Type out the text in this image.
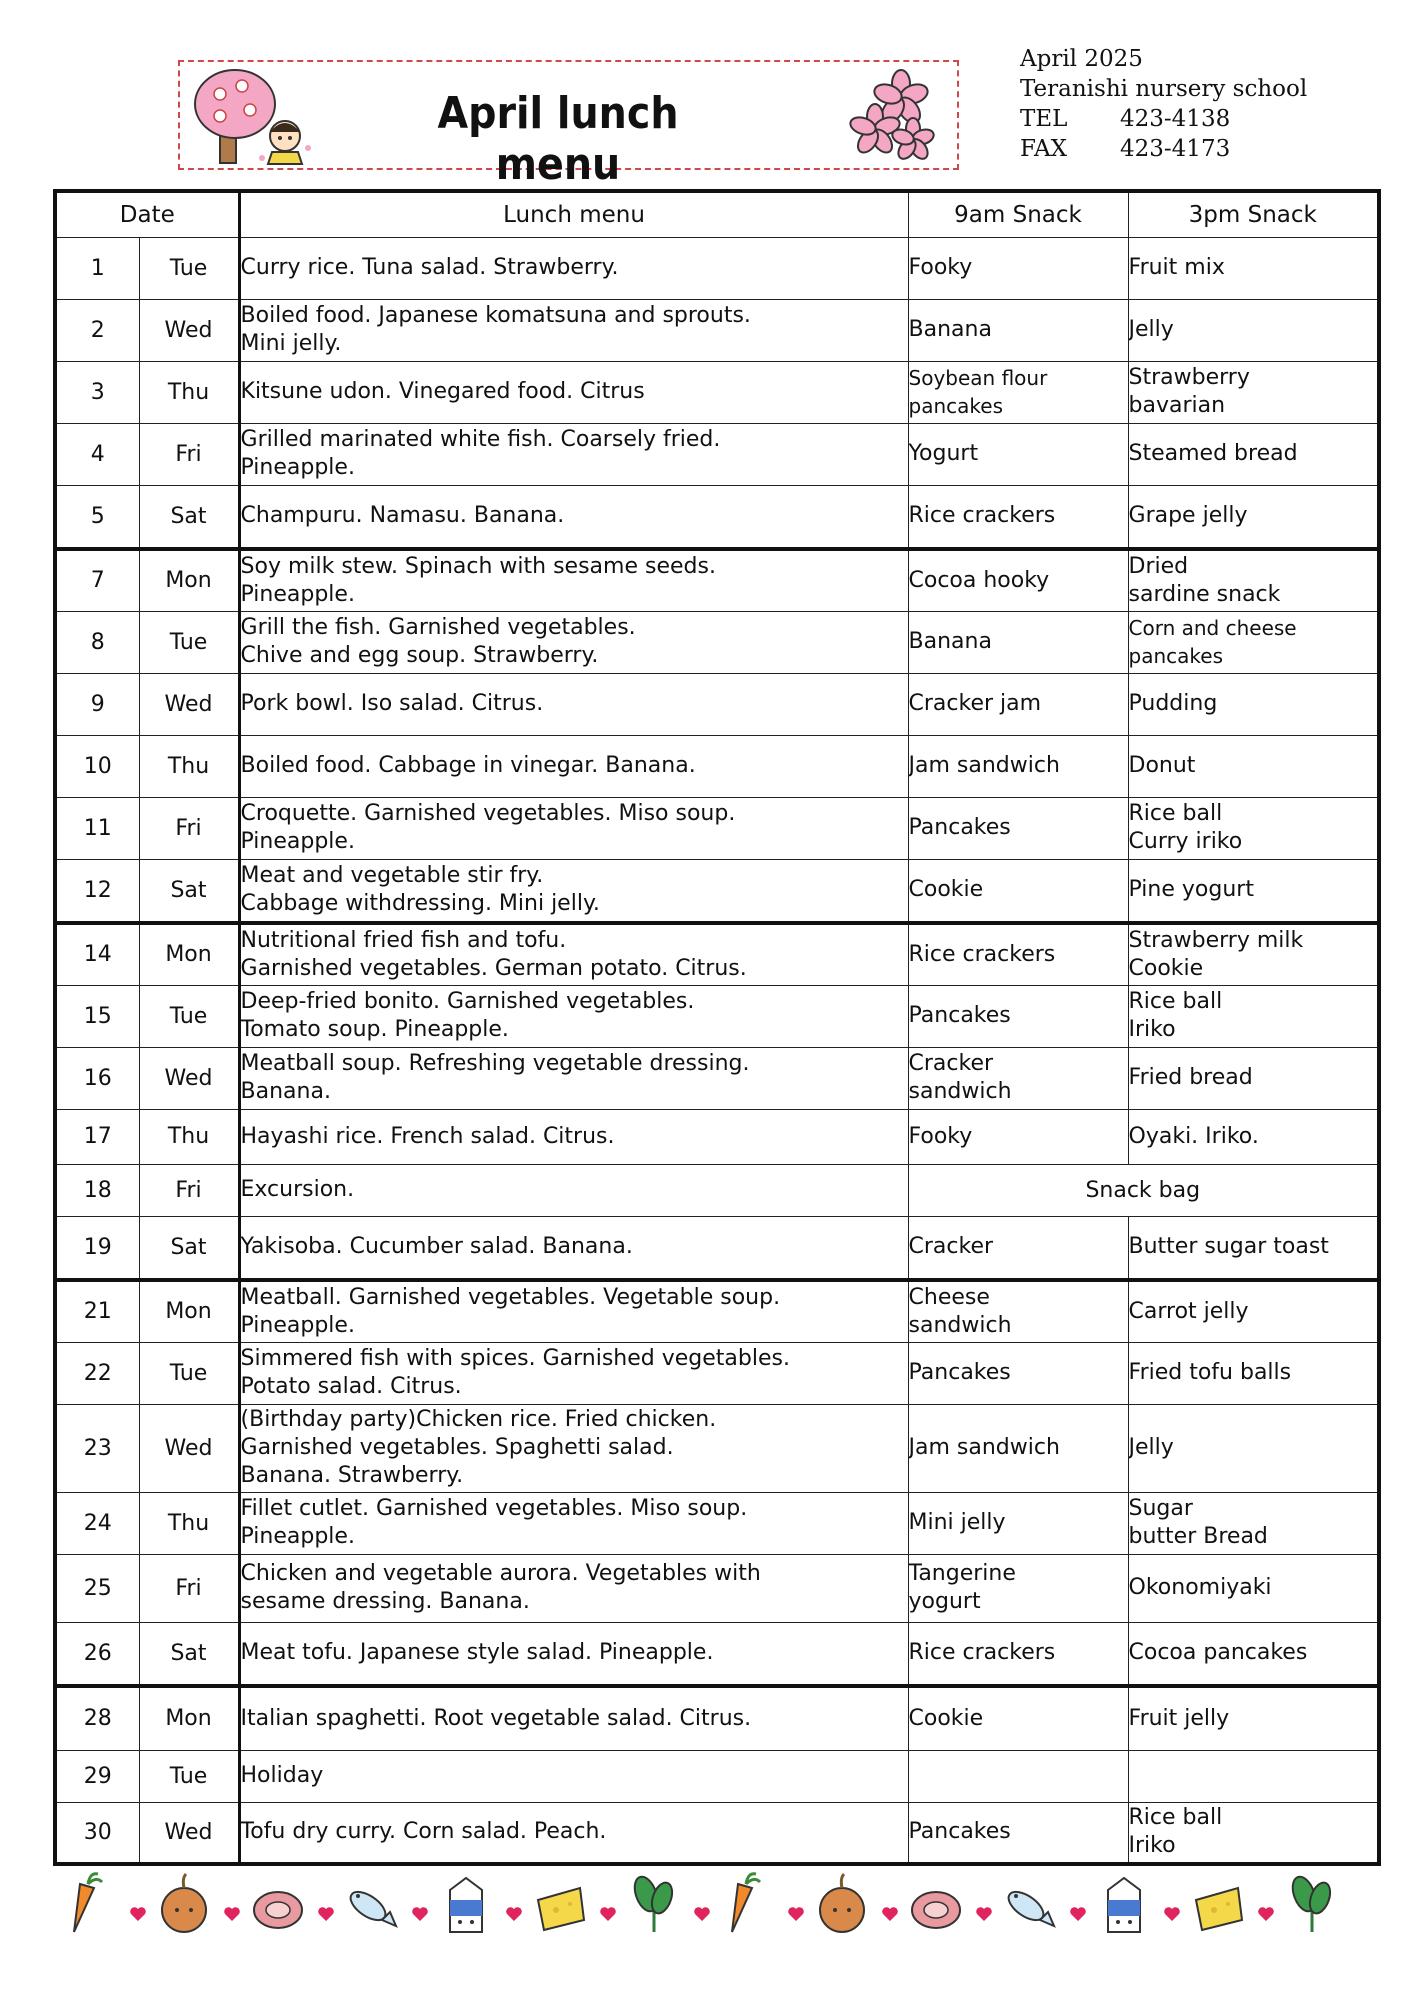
April lunch menu
April 2025
Teranishi nursery school
TEL 423-4138
FAX 423-4173
Date		Lunch menu	9am Snack	3pm Snack
1	Tue	Curry rice. Tuna salad. Strawberry.	Fooky	Fruit mix
2	Wed	Boiled food. Japanese komatsuna and sprouts.
Mini jelly.	Banana	Jelly
3	Thu	Kitsune udon. Vinegared food. Citrus	Soybean flour
pancakes	Strawberry
bavarian
4	Fri	Grilled marinated white fish. Coarsely fried.
Pineapple.	Yogurt	Steamed bread
5	Sat	Champuru. Namasu. Banana.	Rice crackers	Grape jelly
7	Mon	Soy milk stew. Spinach with sesame seeds.
Pineapple.	Cocoa hooky	Dried
sardine snack
8	Tue	Grill the fish. Garnished vegetables.
Chive and egg soup. Strawberry.	Banana	Corn and cheese
pancakes
9	Wed	Pork bowl. Iso salad. Citrus.	Cracker jam	Pudding
10	Thu	Boiled food. Cabbage in vinegar. Banana.	Jam sandwich	Donut
11	Fri	Croquette. Garnished vegetables. Miso soup.
Pineapple.	Pancakes	Rice ball
Curry iriko
12	Sat	Meat and vegetable stir fry.
Cabbage withdressing. Mini jelly.	Cookie	Pine yogurt
14	Mon	Nutritional fried fish and tofu.
Garnished vegetables. German potato. Citrus.	Rice crackers	Strawberry milk
Cookie
15	Tue	Deep-fried bonito. Garnished vegetables.
Tomato soup. Pineapple.	Pancakes	Rice ball
Iriko
16	Wed	Meatball soup. Refreshing vegetable dressing.
Banana.	Cracker
sandwich	Fried bread
17	Thu	Hayashi rice. French salad. Citrus.	Fooky	Oyaki. Iriko.
18	Fri	Excursion.	Snack bag	
19	Sat	Yakisoba. Cucumber salad. Banana.	Cracker	Butter sugar toast
21	Mon	Meatball. Garnished vegetables. Vegetable soup.
Pineapple.	Cheese
sandwich	Carrot jelly
22	Tue	Simmered fish with spices. Garnished vegetables.
Potato salad. Citrus.	Pancakes	Fried tofu balls
23	Wed	(Birthday party)Chicken rice. Fried chicken.
Garnished vegetables. Spaghetti salad.
Banana. Strawberry.	Jam sandwich	Jelly
24	Thu	Fillet cutlet. Garnished vegetables. Miso soup.
Pineapple.	Mini jelly	Sugar
butter Bread
25	Fri	Chicken and vegetable aurora. Vegetables with
sesame dressing. Banana.	Tangerine
yogurt	Okonomiyaki
26	Sat	Meat tofu. Japanese style salad. Pineapple.	Rice crackers	Cocoa pancakes
28	Mon	Italian spaghetti. Root vegetable salad. Citrus.	Cookie	Fruit jelly
29	Tue	Holiday		
30	Wed	Tofu dry curry. Corn salad. Peach.	Pancakes	Rice ball
Iriko
